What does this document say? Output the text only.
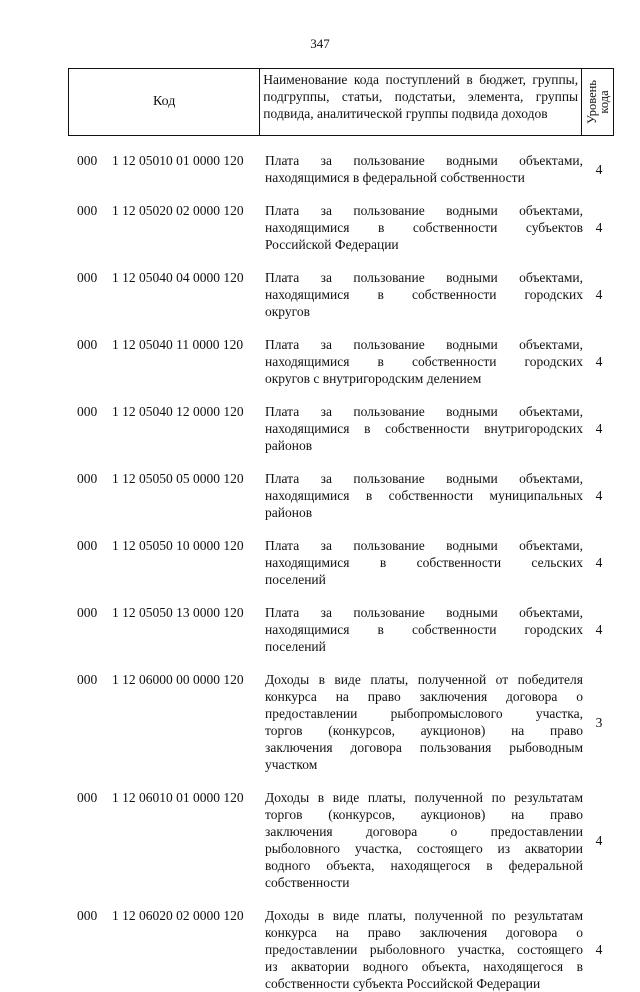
347
Код
Наименование кода поступлений в бюджет, группы, подгруппы, статьи, подстатьи, элемента, группы подвида, аналитической группы подвида доходов	Уровень
кода
000 1 12 05010 01 0000 120 Плата за пользование водными объектами,
находящимися в федеральной собственности
4
000 1 12 05020 02 0000 120 Плата за пользование водными объектами,
находящимися в собственности субъектов
Российской Федерации
4
000 1 12 05040 04 0000 120 Плата за пользование водными объектами,
находящимися в собственности городских
округов
4
000 1 12 05040 11 0000 120 Плата за пользование водными объектами,
находящимися в собственности городских
округов с внутригородским делением
4
000 1 12 05040 12 0000 120 Плата за пользование водными объектами,
находящимися в собственности внутригородских
районов
4
000 1 12 05050 05 0000 120 Плата за пользование водными объектами,
находящимися в собственности муниципальных
районов
4
000 1 12 05050 10 0000 120 Плата за пользование водными объектами,
находящимися в собственности сельских
поселений
4
000 1 12 05050 13 0000 120 Плата за пользование водными объектами,
находящимися в собственности городских
поселений
4
000 1 12 06000 00 0000 120 Доходы в виде платы, полученной от победителя
конкурса на право заключения договора о
предоставлении рыбопромыслового участка,
торгов (конкурсов, аукционов) на право
заключения договора пользования рыбоводным
участком
3
000 1 12 06010 01 0000 120 Доходы в виде платы, полученной по результатам
торгов (конкурсов, аукционов) на право
заключения договора о предоставлении
рыболовного участка, состоящего из акватории
водного объекта, находящегося в федеральной
собственности
4
000 1 12 06020 02 0000 120 Доходы в виде платы, полученной по результатам
конкурса на право заключения договора о
предоставлении рыболовного участка, состоящего
из акватории водного объекта, находящегося в
собственности субъекта Российской Федерации
4
